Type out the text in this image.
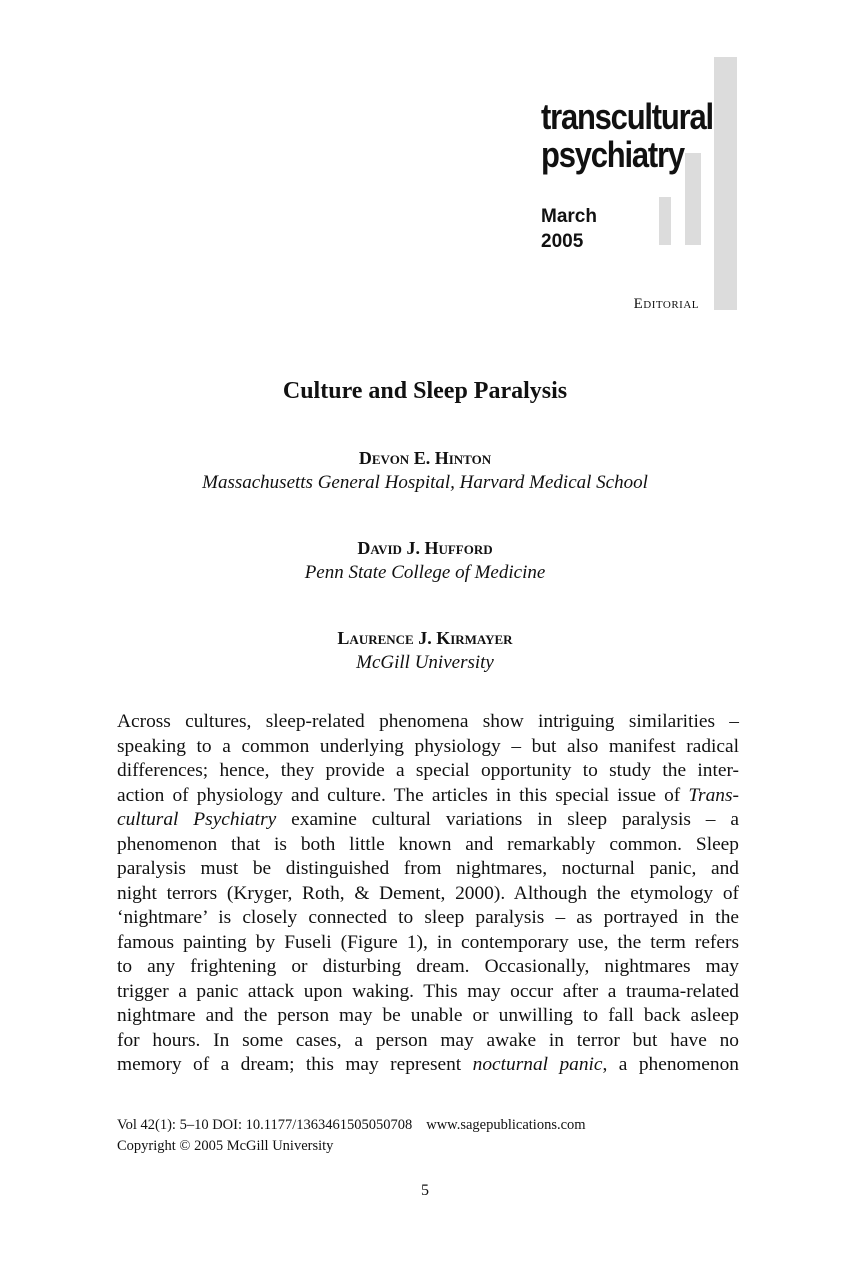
transcultural
psychiatry
March
2005
Editorial
Culture and Sleep Paralysis
Devon E. Hinton
Massachusetts General Hospital, Harvard Medical School
David J. Hufford
Penn State College of Medicine
Laurence J. Kirmayer
McGill University
Across cultures, sleep-related phenomena show intriguing similarities –
speaking to a common underlying physiology – but also manifest radical
differences; hence, they provide a special opportunity to study the inter-
action of physiology and culture. The articles in this special issue of Trans-
cultural Psychiatry examine cultural variations in sleep paralysis – a
phenomenon that is both little known and remarkably common. Sleep
paralysis must be distinguished from nightmares, nocturnal panic, and
night terrors (Kryger, Roth, & Dement, 2000). Although the etymology of
‘nightmare’ is closely connected to sleep paralysis – as portrayed in the
famous painting by Fuseli (Figure 1), in contemporary use, the term refers
to any frightening or disturbing dream. Occasionally, nightmares may
trigger a panic attack upon waking. This may occur after a trauma-related
nightmare and the person may be unable or unwilling to fall back asleep
for hours. In some cases, a person may awake in terror but have no
memory of a dream; this may represent nocturnal panic, a phenomenon
Vol 42(1): 5–10 DOI: 10.1177/1363461505050708 www.sagepublications.com
Copyright © 2005 McGill University
5
